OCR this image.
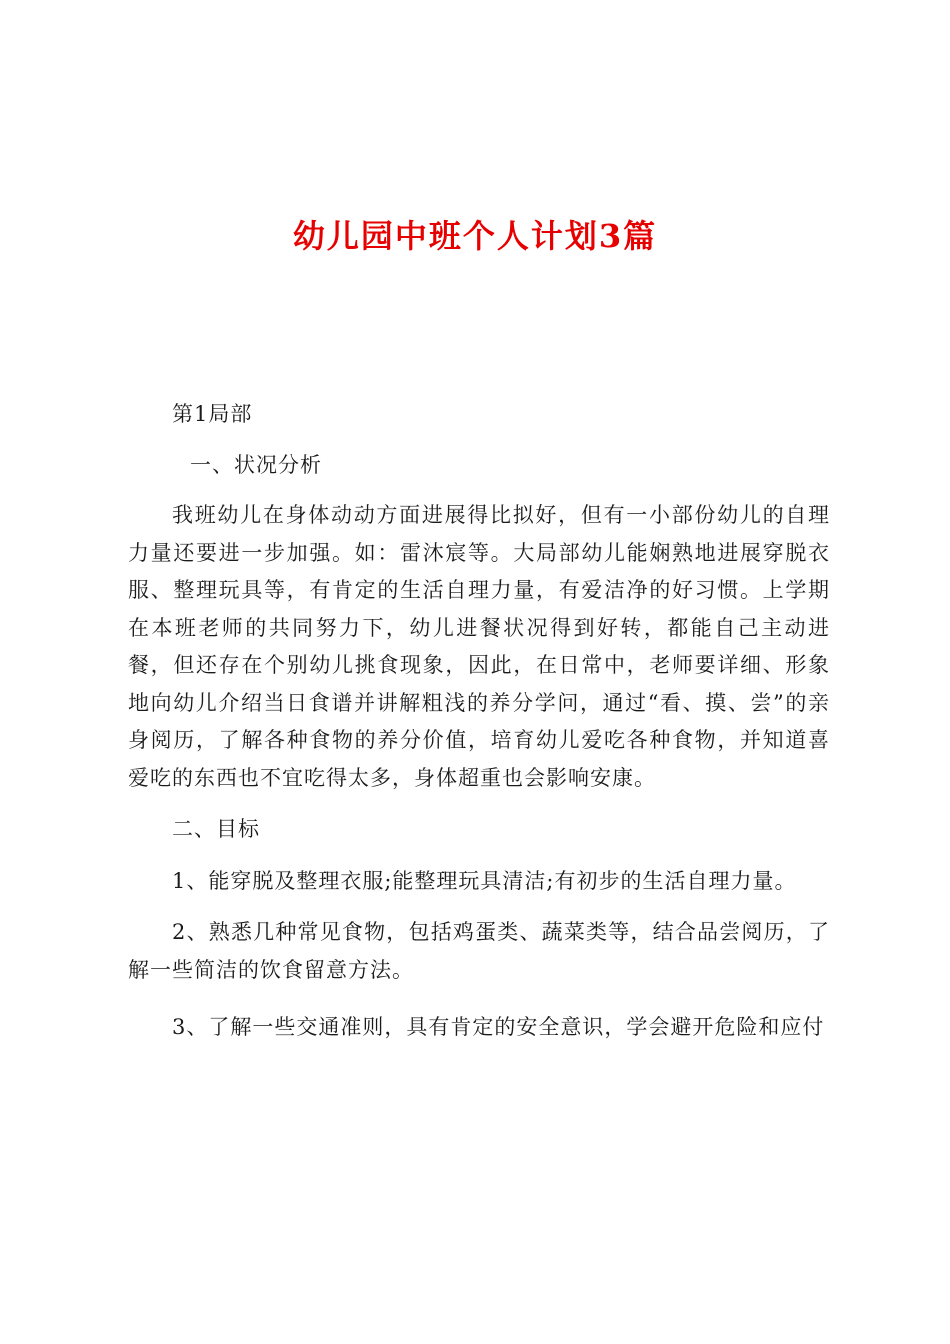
幼儿园中班个人计划3篇

第1局部

一、状况分析

我班幼儿在身体动动方面进展得比拟好，但有一小部份幼儿的自理力量还要进一步加强。如：雷沐宸等。大局部幼儿能娴熟地进展穿脱衣服、整理玩具等，有肯定的生活自理力量，有爱洁净的好习惯。上学期在本班老师的共同努力下，幼儿进餐状况得到好转，都能自己主动进餐，但还存在个别幼儿挑食现象，因此，在日常中，老师要详细、形象地向幼儿介绍当日食谱并讲解粗浅的养分学问，通过“看、摸、尝”的亲身阅历，了解各种食物的养分价值，培育幼儿爱吃各种食物，并知道喜爱吃的东西也不宜吃得太多，身体超重也会影响安康。

二、目标

1、能穿脱及整理衣服;能整理玩具清洁;有初步的生活自理力量。

2、熟悉几种常见食物，包括鸡蛋类、蔬菜类等，结合品尝阅历，了解一些简洁的饮食留意方法。

3、了解一些交通准则，具有肯定的安全意识，学会避开危险和应付
